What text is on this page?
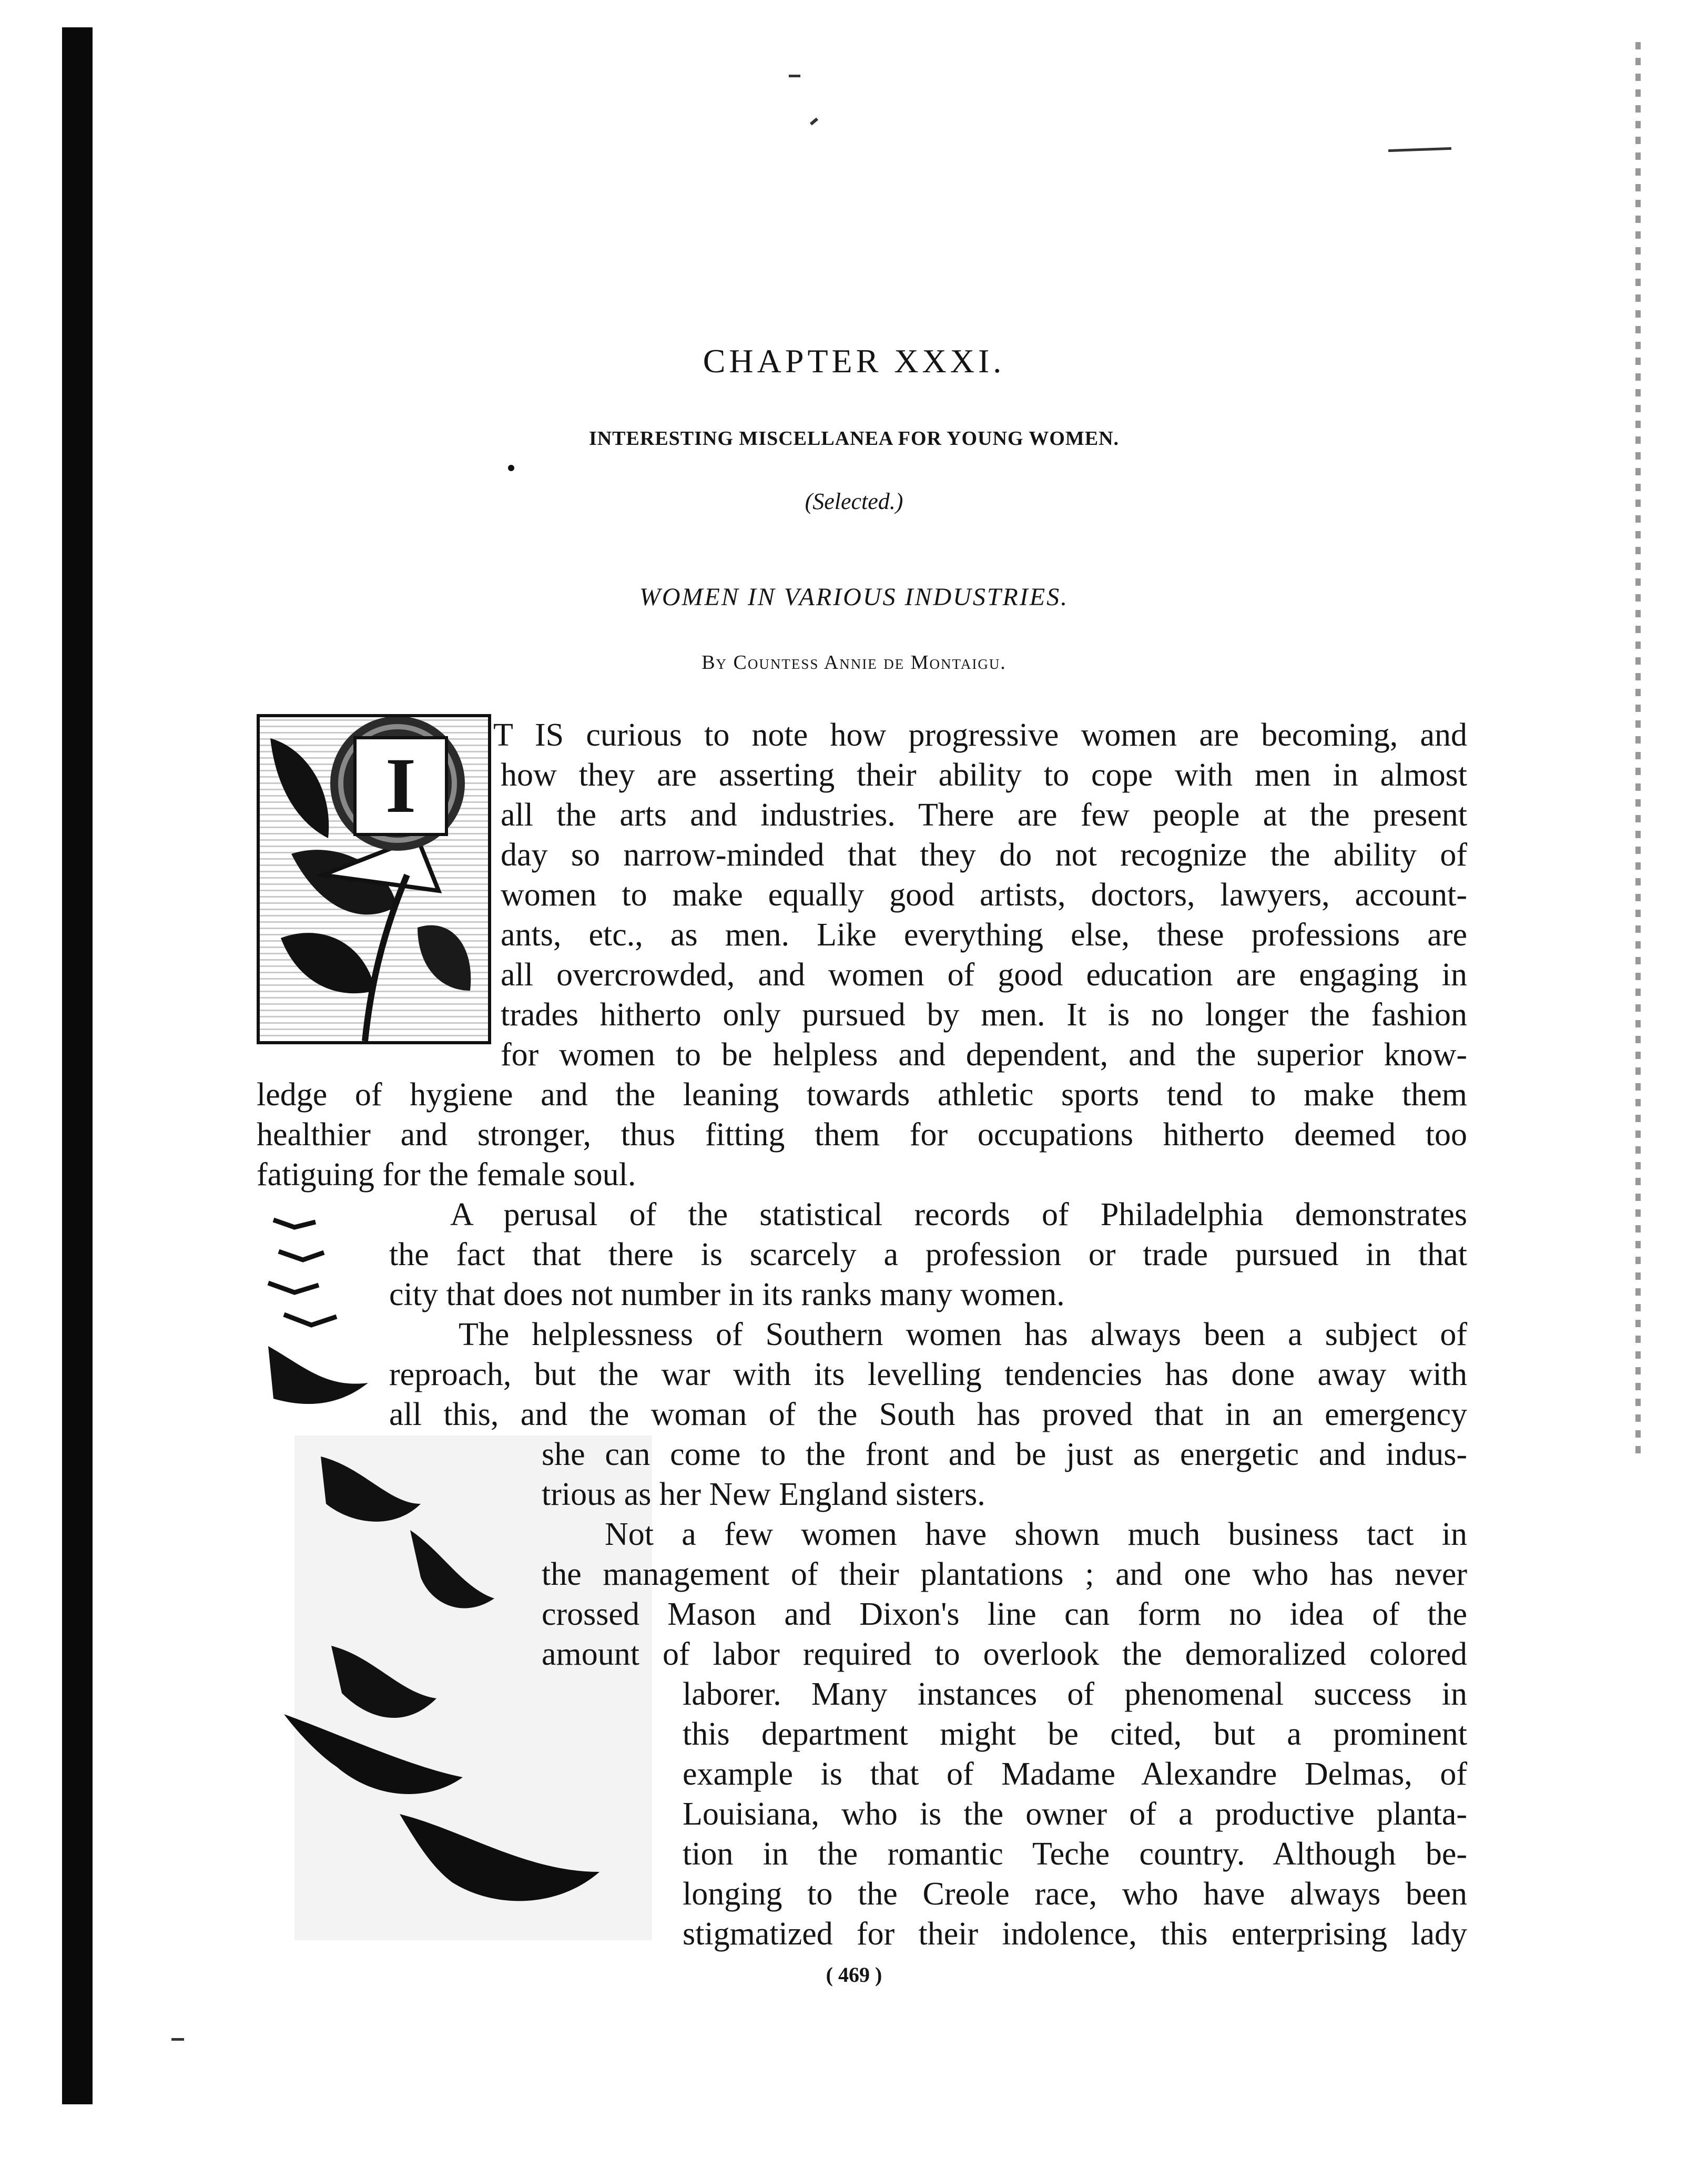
CHAPTER XXXI.
INTERESTING MISCELLANEA FOR YOUNG WOMEN.
(Selected.)
WOMEN IN VARIOUS INDUSTRIES.
By Countess Annie de Montaigu.
I
T IS curious to note how progressive women are becoming, and
how they are asserting their ability to cope with men in almost
all the arts and industries. There are few people at the present
day so narrow-minded that they do not recognize the ability of
women to make equally good artists, doctors, lawyers, account-
ants, etc., as men. Like everything else, these professions are
all overcrowded, and women of good education are engaging in
trades hitherto only pursued by men. It is no longer the fashion
for women to be helpless and dependent, and the superior know-
ledge of hygiene and the leaning towards athletic sports tend to make them
healthier and stronger, thus fitting them for occupations hitherto deemed too
fatiguing for the female soul.
A perusal of the statistical records of Philadelphia demonstrates
the fact that there is scarcely a profession or trade pursued in that
city that does not number in its ranks many women.
The helplessness of Southern women has always been a subject of
reproach, but the war with its levelling tendencies has done away with
all this, and the woman of the South has proved that in an emergency
she can come to the front and be just as energetic and indus-
trious as her New England sisters.
Not a few women have shown much business tact in
the management of their plantations ; and one who has never
crossed Mason and Dixon's line can form no idea of the
amount of labor required to overlook the demoralized colored
laborer. Many instances of phenomenal success in
this department might be cited, but a prominent
example is that of Madame Alexandre Delmas, of
Louisiana, who is the owner of a productive planta-
tion in the romantic Teche country. Although be-
longing to the Creole race, who have always been
stigmatized for their indolence, this enterprising lady
( 469 )
